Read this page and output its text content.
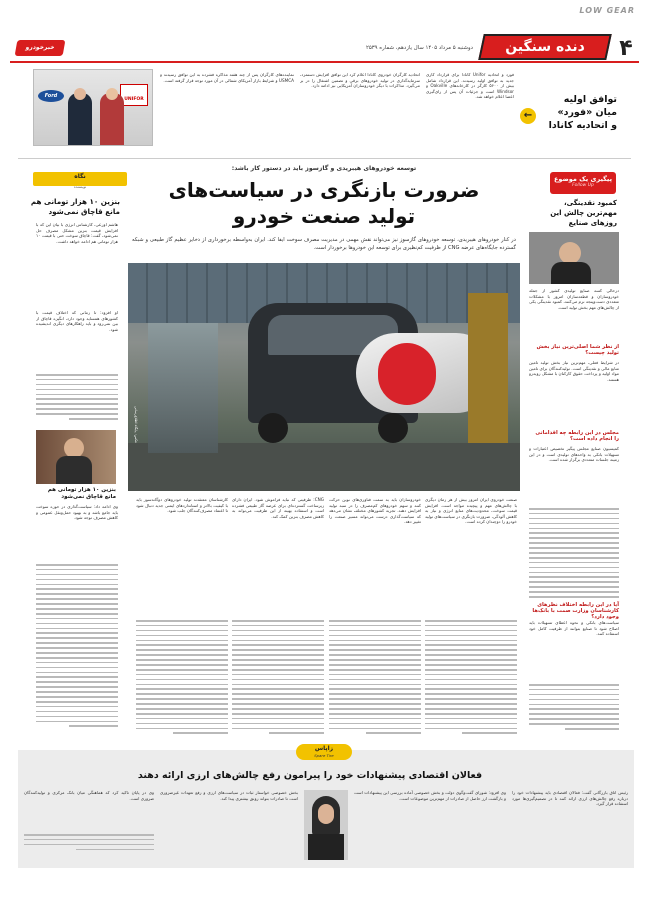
LOW GEAR
۴
دنده سنگین
دوشنبه ۵ مرداد ۱۴۰۵ سال یازدهم، شماره ۲۵۳۹
خبرخودرو
توافق اولیه
میان «فورد»
و اتحادیه کانادا
←
فورد و اتحادیه Unifor کانادا برای قرارداد کاری جدید به توافق اولیه رسیدند. این قرارداد شامل بیش از ۵۶۰۰ کارگر در کارخانه‌های Oakville و Windsor است و جزئیات آن پس از رای‌گیری اعضا اعلام خواهد شد.
اتحادیه کارگران خودروی کانادا اعلام کرد این توافق افزایش دستمزد، سرمایه‌گذاری در تولید خودروهای برقی و تضمین اشتغال را در بر می‌گیرد. مذاکرات با دیگر خودروسازان آمریکایی نیز ادامه دارد.
نماینده‌های کارگران پس از چند هفته مذاکره فشرده به این توافق رسیدند و USMCA و شرایط بازار آمریکای شمالی در آن مورد توجه قرار گرفته است.
Ford
UNIFOR
پیگیری یک موضوع
Follow Up
کمبود نقدینگی، مهم‌ترین چالش این روزهای صنایع
درحالی کسه صنایع تولیدی کشور از جمله خودروسازان و قطعه‌سازان امروز با مشکلات متعددی دست‌وپنجه نرم می‌کنند، کمبود نقدینگی یکی از چالش‌های مهم بخش تولید است.
از نظر شما اصلی‌ترین نیاز بخش تولید چیست؟
در شرایط فعلی، مهم‌ترین نیاز بخش تولید تامین منابع مالی و نقدینگی است. تولیدکنندگان برای تامین مواد اولیه و پرداخت حقوق کارکنان با مشکل روبه‌رو هستند.
مجلس در این رابطه چه اقداماتی را انجام داده است؟
کمیسیون صنایع مجلس پیگیر تخصیص اعتبارات و تسهیلات بانکی به واحدهای تولیدی است و در این زمینه جلسات متعددی برگزار شده است.
آیا در این رابطه اختلاف نظرهای کارشناسان وزارت صمت با بانک‌ها وجود دارد؟
سیاست‌های بانکی و نحوه اعطای تسهیلات باید اصلاح شود تا صنایع بتوانند از ظرفیت کامل خود استفاده کنند.
نگاه
نویسنده
بنزین ۱۰ هزار تومانی هم مانع قاچاق نمی‌شود
هاشم اورعی، کارشناس انرژی با بیان این که با افزایش قیمت بنزین مشکل مصرف حل نمی‌شود، گفت: قاچاق سوخت حتی با قیمت ۱۰ هزار تومانی هم ادامه خواهد داشت.
او افزود: تا زمانی که اختلاف قیمت با کشورهای همسایه وجود دارد، انگیزه قاچاق از بین نمی‌رود و باید راهکارهای دیگری اندیشیده شود.
بنزین ۱۰ هزار تومانی هم مانع قاچاق نمی‌شود
وی ادامه داد: سیاست‌گذاری در حوزه سوخت باید جامع باشد و به بهبود حمل‌ونقل عمومی و کاهش مصرف توجه شود.
توسعه خودروهای هیبریدی و گازسوز باید در دستور کار باشد:
ضرورت بازنگری در سیاست‌های
تولید صنعت خودرو
در کنار خودروهای هیبریدی، توسعه خودروهای گازسوز نیز می‌تواند نقش مهمی در مدیریت مصرف سوخت ایفا کند. ایران به‌واسطه برخورداری از ذخایر عظیم گاز طبیعی و شبکه گسترده جایگاه‌های عرضه CNG از ظرفیت کم‌نظیری برای توسعه این خودروها برخوردار است.
عکس: پایگاه اطلاع‌رسانی
صنعت خودروی ایران امروز بیش از هر زمان دیگری با چالش‌های مهم و پیچیده مواجه است. افزایش قیمت سوخت، محدودیت‌های منابع انرژی و نیاز به کاهش آلودگی، ضرورت بازنگری در سیاست‌های تولید خودرو را دوچندان کرده است.
خودروسازان باید به سمت فناوری‌های نوین حرکت کنند و سهم خودروهای کم‌مصرف را در سبد تولید افزایش دهند. تجربه کشورهای مختلف نشان می‌دهد که سیاست‌گذاری درست می‌تواند مسیر صنعت را تغییر دهد.
CNG: ظرفیتی که نباید فراموش شود. ایران دارای زیرساخت گسترده‌ای برای عرضه گاز طبیعی فشرده است و استفاده بهینه از این ظرفیت می‌تواند به کاهش مصرف بنزین کمک کند.
کارشناسان معتقدند تولید خودروهای دوگانه‌سوز باید با کیفیت بالاتر و استانداردهای ایمنی جدید دنبال شود تا اعتماد مصرف‌کنندگان جلب شود.
زاپاس
Spare Tire
فعالان اقتصادی پیشنهادات خود را پیرامون رفع چالش‌های ارزی ارائه دهند
رئیس اتاق بازرگانی گفت: فعالان اقتصادی باید پیشنهادات خود را درباره رفع چالش‌های ارزی ارائه کنند تا در تصمیم‌گیری‌ها مورد استفاده قرار گیرد.
وی افزود: شورای گفت‌وگوی دولت و بخش خصوصی آماده بررسی این پیشنهادات است و بازگشت ارز حاصل از صادرات از مهم‌ترین موضوعات است.
بخش خصوصی خواستار ثبات در سیاست‌های ارزی و رفع تعهدات غیرضروری است تا صادرات بتواند رونق بیشتری پیدا کند.
وی در پایان تاکید کرد که هماهنگی میان بانک مرکزی و تولیدکنندگان ضروری است.
